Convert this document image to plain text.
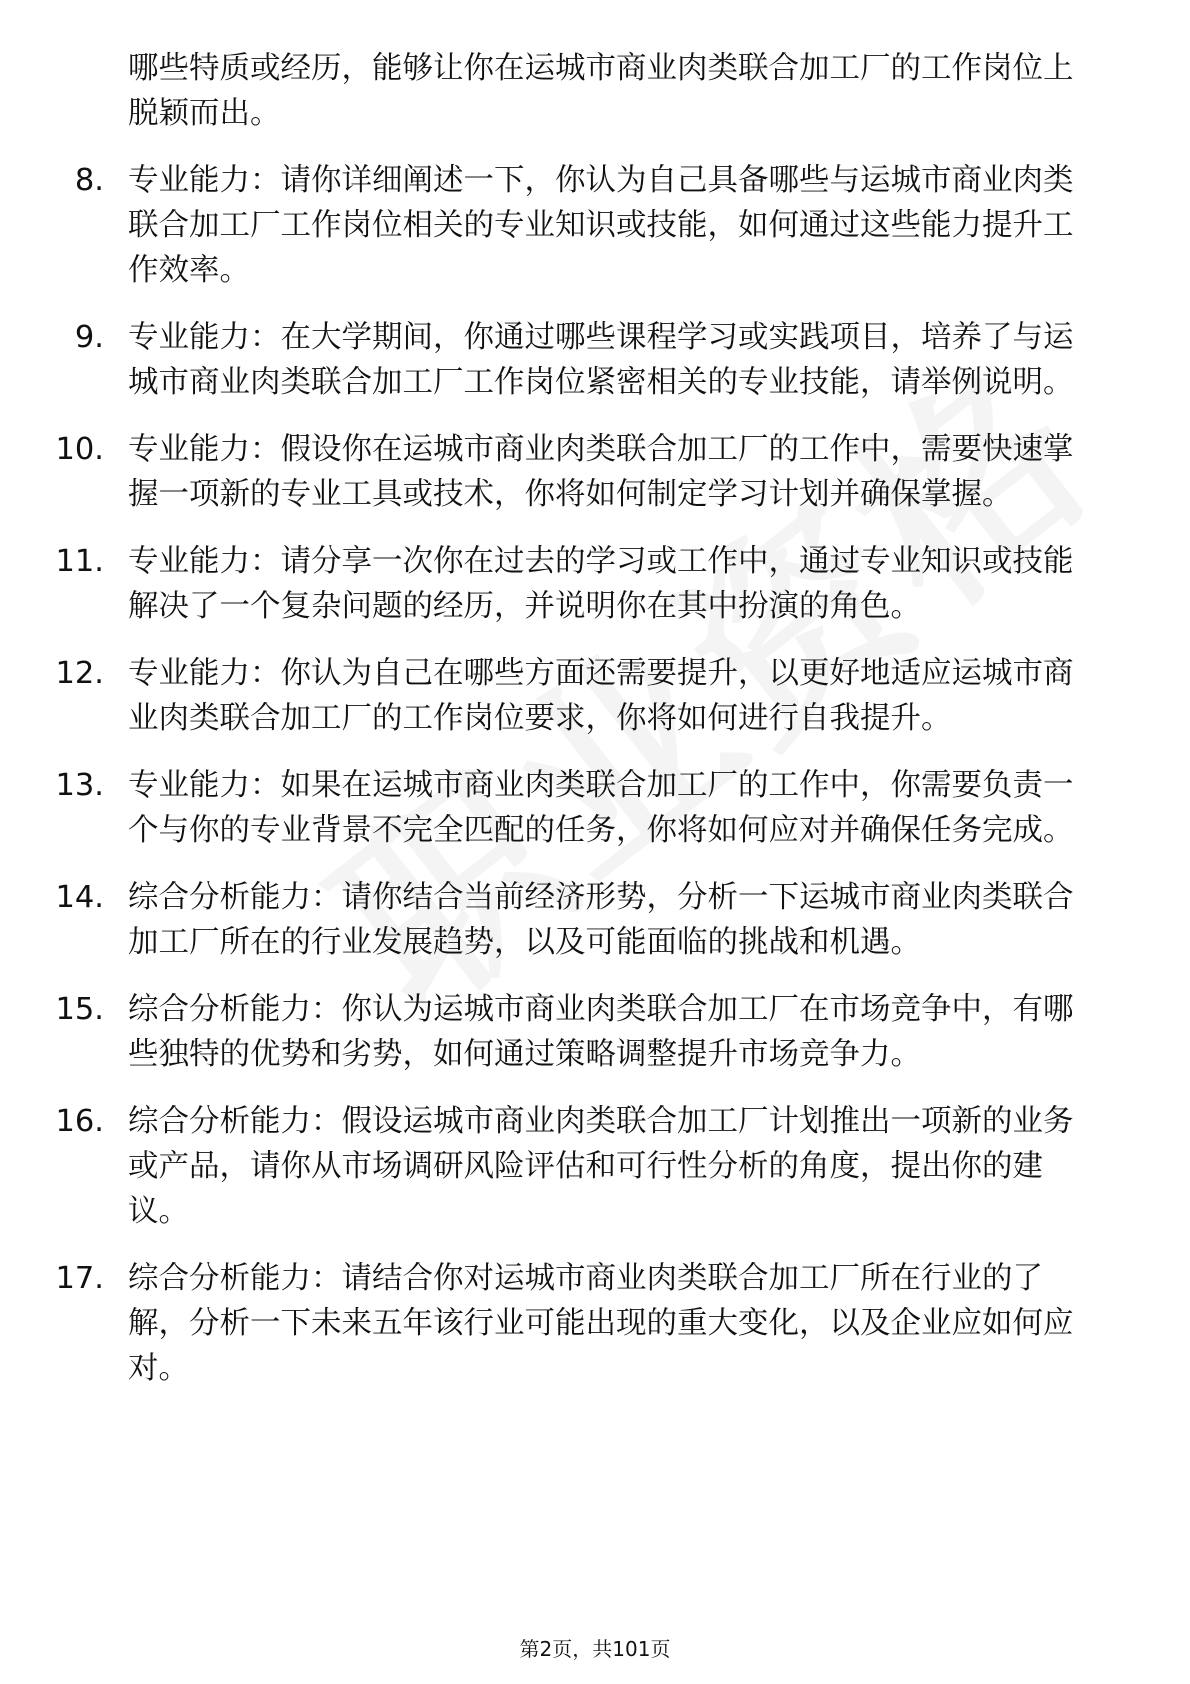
哪些特质或经历，能够让你在运城市商业肉类联合加工厂的工作岗位上脱颖而出。
8. 专业能力：请你详细阐述一下，你认为自己具备哪些与运城市商业肉类联合加工厂工作岗位相关的专业知识或技能，如何通过这些能力提升工作效率。
9. 专业能力：在大学期间，你通过哪些课程学习或实践项目，培养了与运城市商业肉类联合加工厂工作岗位紧密相关的专业技能，请举例说明。
10. 专业能力：假设你在运城市商业肉类联合加工厂的工作中，需要快速掌握一项新的专业工具或技术，你将如何制定学习计划并确保掌握。
11. 专业能力：请分享一次你在过去的学习或工作中，通过专业知识或技能解决了一个复杂问题的经历，并说明你在其中扮演的角色。
12. 专业能力：你认为自己在哪些方面还需要提升，以更好地适应运城市商业肉类联合加工厂的工作岗位要求，你将如何进行自我提升。
13. 专业能力：如果在运城市商业肉类联合加工厂的工作中，你需要负责一个与你的专业背景不完全匹配的任务，你将如何应对并确保任务完成。
14. 综合分析能力：请你结合当前经济形势，分析一下运城市商业肉类联合加工厂所在的行业发展趋势，以及可能面临的挑战和机遇。
15. 综合分析能力：你认为运城市商业肉类联合加工厂在市场竞争中，有哪些独特的优势和劣势，如何通过策略调整提升市场竞争力。
16. 综合分析能力：假设运城市商业肉类联合加工厂计划推出一项新的业务或产品，请你从市场调研风险评估和可行性分析的角度，提出你的建议。
17. 综合分析能力：请结合你对运城市商业肉类联合加工厂所在行业的了解，分析一下未来五年该行业可能出现的重大变化，以及企业应如何应对。
第2页，共101页
